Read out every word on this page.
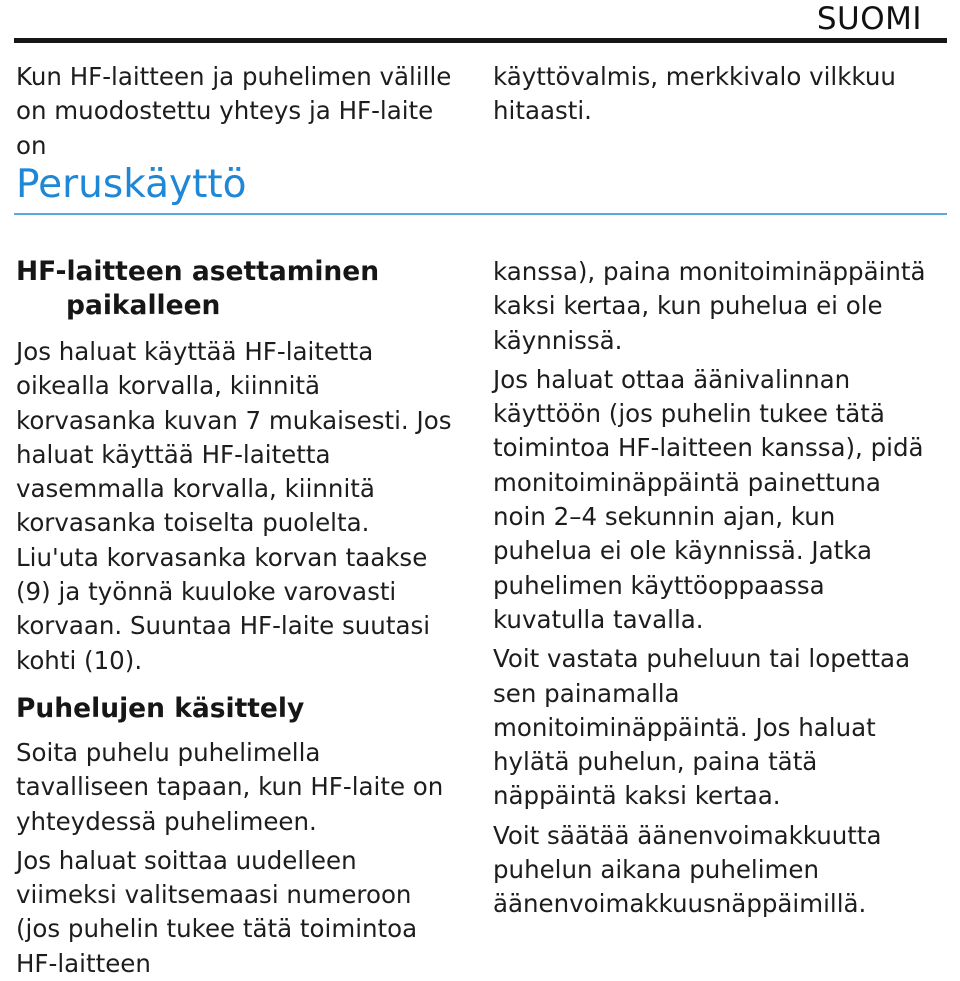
SUOMI

Kun HF-laitteen ja puhelimen välille on muodostettu yhteys ja HF-laite on

käyttövalmis, merkkivalo vilkkuu hitaasti.

Peruskäyttö
HF-laitteen asettaminen
paikalleen

Jos haluat käyttää HF-laitetta oikealla korvalla, kiinnitä korvasanka kuvan 7 mukaisesti. Jos haluat käyttää HF-laitetta vasemmalla korvalla, kiinnitä korvasanka toiselta puolelta. Liu'uta korvasanka korvan taakse (9) ja työnnä kuuloke varovasti korvaan. Suuntaa HF-laite suutasi kohti (10).

Puhelujen käsittely

Soita puhelu puhelimella tavalliseen tapaan, kun HF-laite on yhteydessä puhelimeen.

Jos haluat soittaa uudelleen viimeksi valitsemaasi numeroon (jos puhelin tukee tätä toimintoa HF-laitteen

kanssa), paina monitoiminäppäintä kaksi kertaa, kun puhelua ei ole käynnissä.

Jos haluat ottaa äänivalinnan käyttöön (jos puhelin tukee tätä toimintoa HF-laitteen kanssa), pidä monitoiminäppäintä painettuna noin 2–4 sekunnin ajan, kun puhelua ei ole käynnissä. Jatka puhelimen käyttöoppaassa kuvatulla tavalla.

Voit vastata puheluun tai lopettaa sen painamalla monitoiminäppäintä. Jos haluat hylätä puhelun, paina tätä näppäintä kaksi kertaa.

Voit säätää äänenvoimakkuutta puhelun aikana puhelimen äänenvoimakkuusnäppäimillä.
